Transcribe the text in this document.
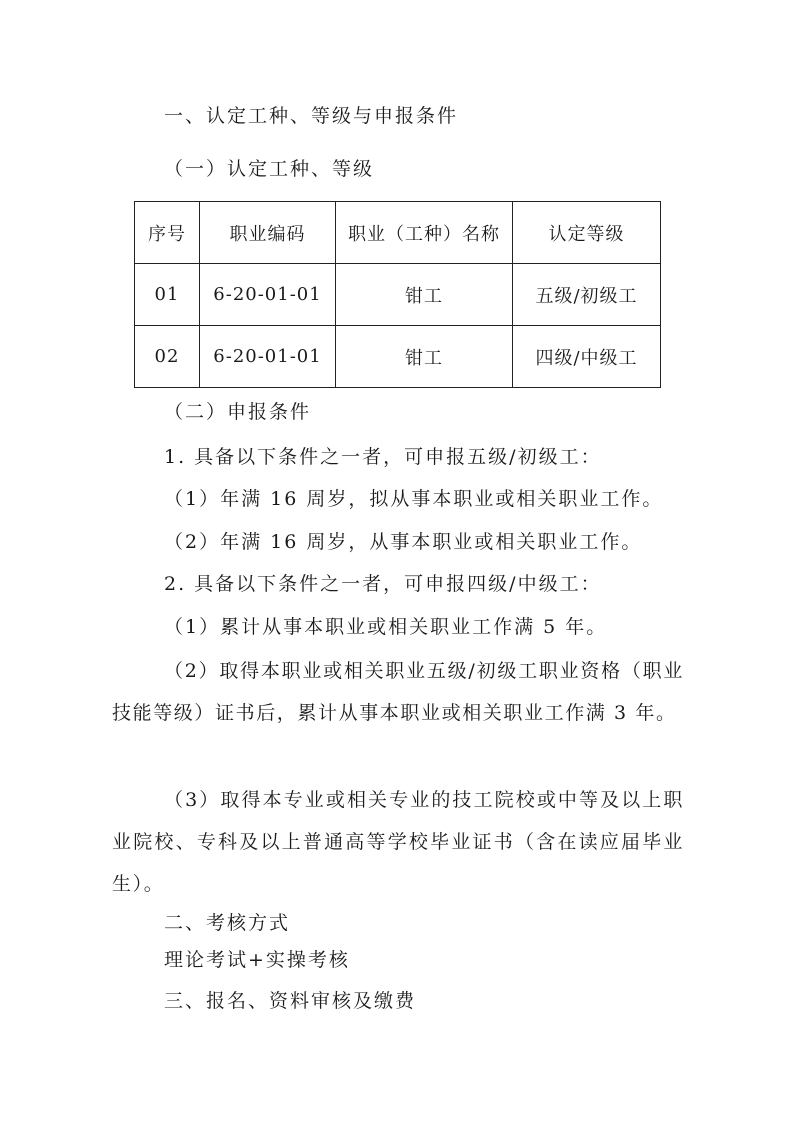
一、认定工种、等级与申报条件
（一）认定工种、等级
序号	职业编码	职业（工种）名称	认定等级
01	6-20-01-01	钳工	五级/初级工
02	6-20-01-01	钳工	四级/中级工
（二）申报条件
1. 具备以下条件之一者，可申报五级/初级工：
（1）年满 16 周岁，拟从事本职业或相关职业工作。
（2）年满 16 周岁，从事本职业或相关职业工作。
2. 具备以下条件之一者，可申报四级/中级工：
（1）累计从事本职业或相关职业工作满 5 年。
（2）取得本职业或相关职业五级/初级工职业资格（职业技能等级）证书后，累计从事本职业或相关职业工作满 3 年。
（3）取得本专业或相关专业的技工院校或中等及以上职业院校、专科及以上普通高等学校毕业证书（含在读应届毕业生）。
二、考核方式
理论考试+实操考核
三、报名、资料审核及缴费
